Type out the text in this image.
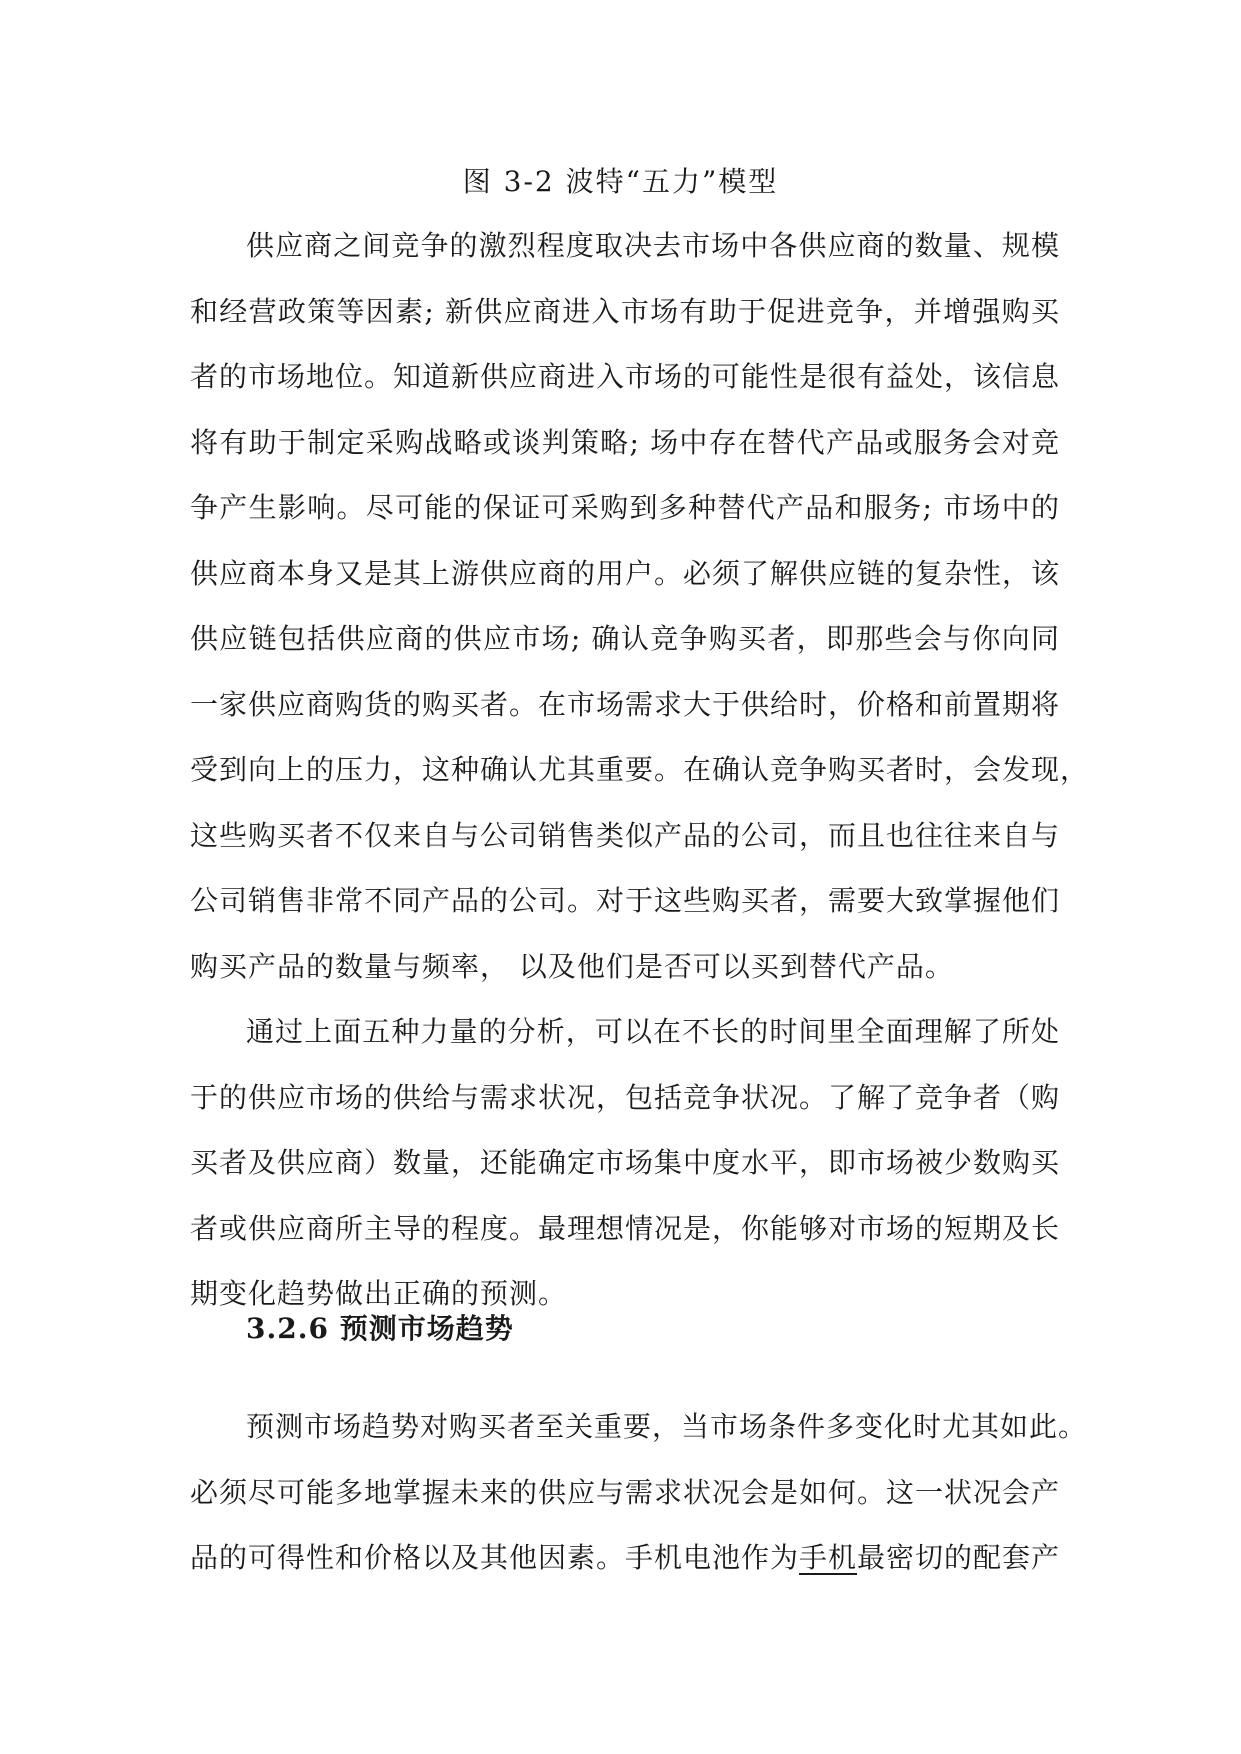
图 3-2 波特“五力”模型
供应商之间竞争的激烈程度取决去市场中各供应商的数量、规模
和经营政策等因素; 新供应商进入市场有助于促进竞争，并增强购买
者的市场地位。知道新供应商进入市场的可能性是很有益处，该信息
将有助于制定采购战略或谈判策略; 场中存在替代产品或服务会对竞
争产生影响。尽可能的保证可采购到多种替代产品和服务; 市场中的
供应商本身又是其上游供应商的用户。必须了解供应链的复杂性，该
供应链包括供应商的供应市场; 确认竞争购买者，即那些会与你向同
一家供应商购货的购买者。在市场需求大于供给时，价格和前置期将
受到向上的压力，这种确认尤其重要。在确认竞争购买者时，会发现，
这些购买者不仅来自与公司销售类似产品的公司，而且也往往来自与
公司销售非常不同产品的公司。对于这些购买者，需要大致掌握他们
购买产品的数量与频率， 以及他们是否可以买到替代产品。
通过上面五种力量的分析，可以在不长的时间里全面理解了所处
于的供应市场的供给与需求状况，包括竞争状况。了解了竞争者（购
买者及供应商）数量，还能确定市场集中度水平，即市场被少数购买
者或供应商所主导的程度。最理想情况是，你能够对市场的短期及长
期变化趋势做出正确的预测。
3.2.6 预测市场趋势
预测市场趋势对购买者至关重要，当市场条件多变化时尤其如此。
必须尽可能多地掌握未来的供应与需求状况会是如何。这一状况会产
品的可得性和价格以及其他因素。手机电池作为手机最密切的配套产
